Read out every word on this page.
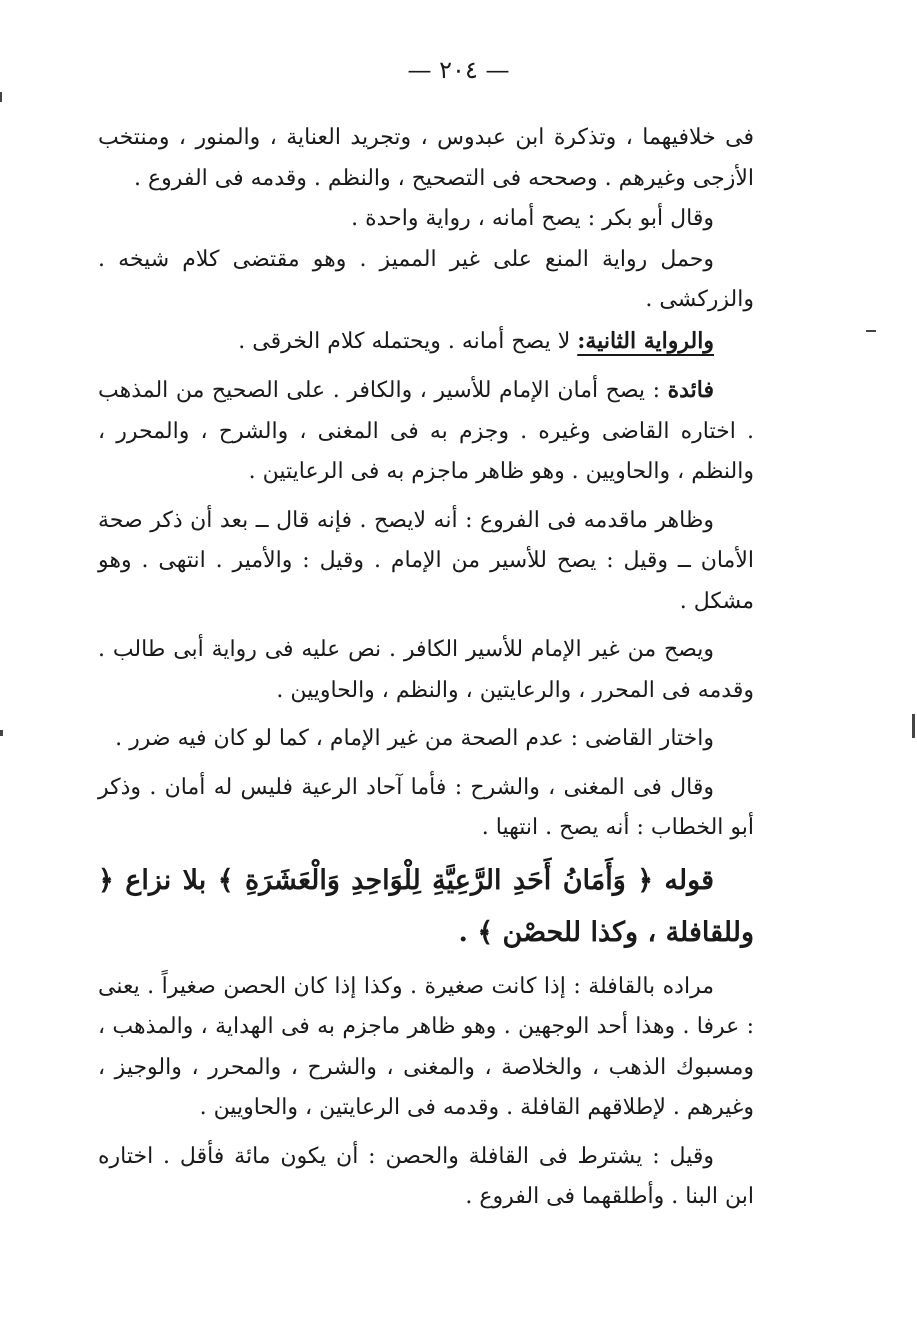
— ٢٠٤ —

فى خلافيهما ، وتذكرة ابن عبدوس ، وتجريد العناية ، والمنور ، ومنتخب الأزجى وغيرهم . وصححه فى التصحيح ، والنظم . وقدمه فى الفروع .

وقال أبو بكر : يصح أمانه ، رواية واحدة .

وحمل رواية المنع على غير المميز . وهو مقتضى كلام شيخه . والزركشى .

والرواية الثانية: لا يصح أمانه . ويحتمله كلام الخرقى .

فائدة : يصح أمان الإمام للأسير ، والكافر . على الصحيح من المذهب . اختاره القاضى وغيره . وجزم به فى المغنى ، والشرح ، والمحرر ، والنظم ، والحاويين . وهو ظاهر ماجزم به فى الرعايتين .

وظاهر ماقدمه فى الفروع : أنه لايصح . فإنه قال ــ بعد أن ذكر صحة الأمان ــ وقيل : يصح للأسير من الإمام . وقيل : والأمير . انتهى . وهو مشكل .

ويصح من غير الإمام للأسير الكافر . نص عليه فى رواية أبى طالب . وقدمه فى المحرر ، والرعايتين ، والنظم ، والحاويين .

واختار القاضى : عدم الصحة من غير الإمام ، كما لو كان فيه ضرر .

وقال فى المغنى ، والشرح : فأما آحاد الرعية فليس له أمان . وذكر أبو الخطاب : أنه يصح . انتهيا .

قوله ﴿ وَأَمَانُ أَحَدِ الرَّعِيَّةِ لِلْوَاحِدِ وَالْعَشَرَةِ ﴾ بلا نزاع ﴿ وللقافلة ، وكذا للحصْن ﴾ .

مراده بالقافلة : إذا كانت صغيرة . وكذا إذا كان الحصن صغيراً . يعنى : عرفا . وهذا أحد الوجهين . وهو ظاهر ماجزم به فى الهداية ، والمذهب ، ومسبوك الذهب ، والخلاصة ، والمغنى ، والشرح ، والمحرر ، والوجيز ، وغيرهم . لإطلاقهم القافلة . وقدمه فى الرعايتين ، والحاويين .

وقيل : يشترط فى القافلة والحصن : أن يكون مائة فأقل . اختاره ابن البنا . وأطلقهما فى الفروع .
